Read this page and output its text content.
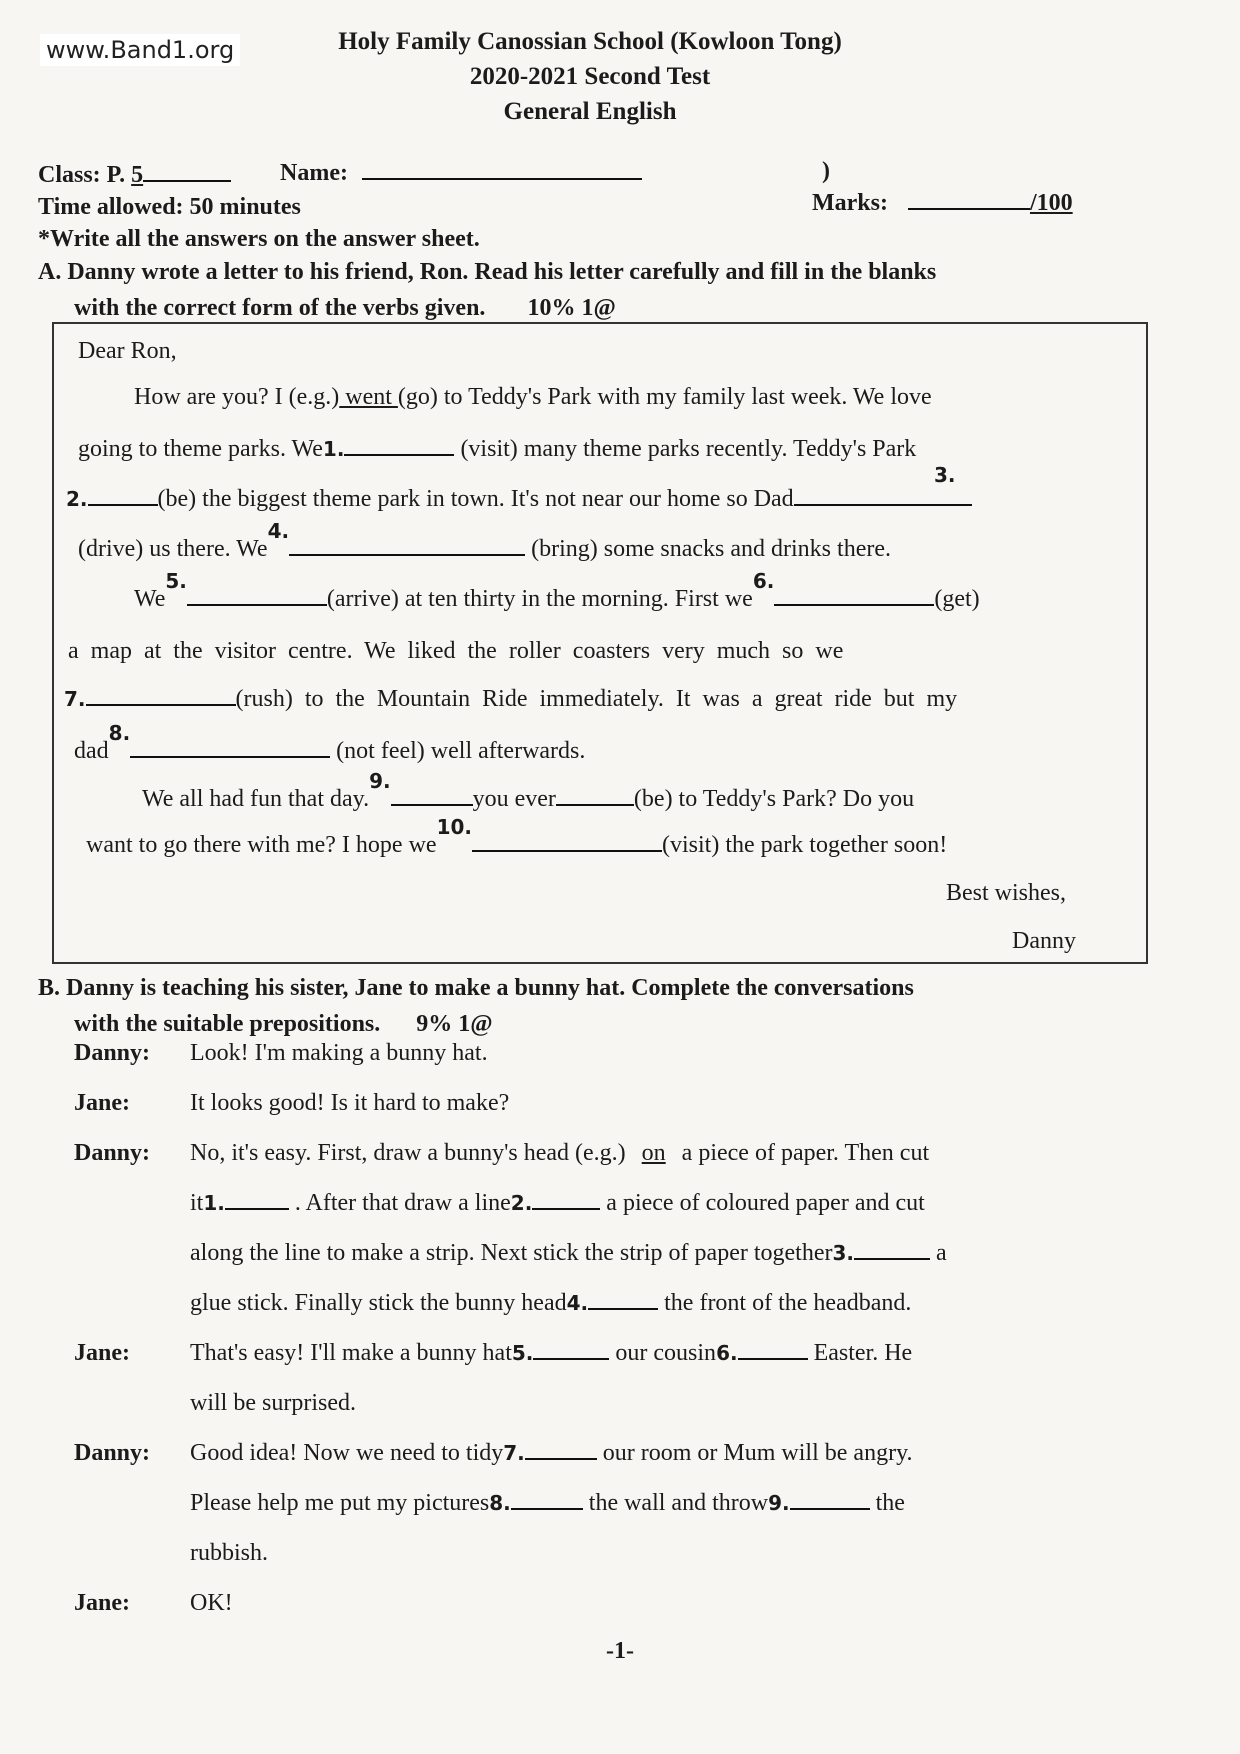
www.Band1.org	Holy Family Canossian School (Kowloon Tong)
2020-2021 Second Test
General English
Class: P. 5	Name:	)
Time allowed: 50 minutes	Marks:	/100
*Write all the answers on the answer sheet.
A. Danny wrote a letter to his friend, Ron. Read his letter carefully and fill in the blanks
with the correct form of the verbs given. 10% 1@
Dear Ron,
How are you? I (e.g.) went (go) to Teddy's Park with my family last week. We love
going to theme parks. We1.	(visit) many theme parks recently. Teddy's Park
3.
2.	(be) the biggest theme park in town. It's not near our home so Dad
(drive) us there. $We^{4.}$ (bring) some snacks and drinks there.
$We^{5.}(arrive)$ at ten thirty in the morning. First $we^{6.}(get)$
a map at the visitor centre. We liked the roller coasters very much so we
7.	(rush) to the Mountain Ride immediately. It was a great ride but my
dad$^{8.}$ (not feel) well afterwards.
We all had fun that day.$^{9.}$you ever	(be) to Teddy's Park? Do you
want to go there with me? I hope $we^{10.}(visit)$ the park together soon!
Best wishes,
Danny
B. Danny is teaching his sister, Jane to make a bunny hat. Complete the conversations
with the suitable prepositions. 9% 1@
Danny: Look! I'm making a bunny hat.
Jane:	It looks good! Is it hard to make?
Danny: No, it's easy. First, draw a bunny's head (e.g.) on a piece of paper. Then cut
it1.	. After that draw a line2.	a piece of coloured paper and cut
along the line to make a strip. Next stick the strip of paper together3.	a
glue stick. Finally stick the bunny head4.	the front of the headband.
Jane:	That's easy! I'll make a bunny hat5.	our cousin6.	Easter. He
will be surprised.
Danny: Good idea! Now we need to tidy7.	our room or Mum will be angry.
Please help me put my pictures8.	the wall and throw9.	the
rubbish.
Jane:	OK!
-1-
